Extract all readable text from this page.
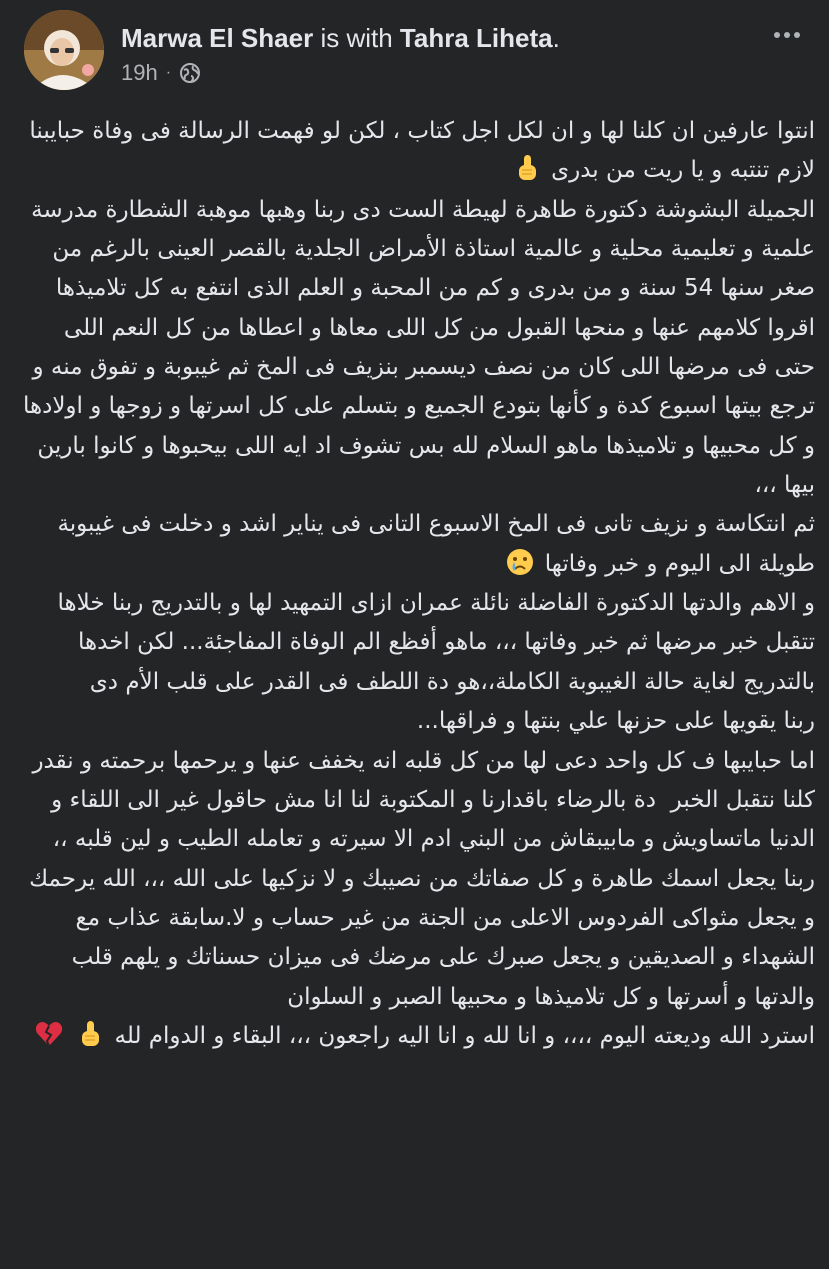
Marwa El Shaer is with Tahra Liheta.
19h ·

انتوا عارفين ان كلنا لها و ان لكل اجل كتاب ، لكن لو فهمت الرسالة فى وفاة حبايبنا لازم تنتبه و يا ريت من بدرى

الجميلة البشوشة دكتورة طاهرة لهيطة الست دى ربنا وهبها موهبة الشطارة مدرسة علمية و تعليمية محلية و عالمية استاذة الأمراض الجلدية بالقصر العينى بالرغم من صغر سنها 54 سنة و من بدرى و كم من المحبة و العلم الذى انتفع به كل تلاميذها اقروا كلامهم عنها و منحها القبول من كل اللى معاها و اعطاها من كل النعم اللى حتى فى مرضها اللى كان من نصف ديسمبر بنزيف فى المخ ثم غيبوبة و تفوق منه و ترجع بيتها اسبوع كدة و كأنها بتودع الجميع و بتسلم على كل اسرتها و زوجها و اولادها و كل محبيها و تلاميذها ماهو السلام لله بس تشوف اد ايه اللى بيحبوها و كانوا بارين بيها ،،،

ثم انتكاسة و نزيف تانى فى المخ الاسبوع التانى فى يناير اشد و دخلت فى غيبوبة طويلة الى اليوم و خبر وفاتها

و الاهم والدتها الدكتورة الفاضلة نائلة عمران ازاى التمهيد لها و بالتدريج ربنا خلاها تتقبل خبر مرضها ثم خبر وفاتها ،،، ماهو أفظع الم الوفاة المفاجئة... لكن اخدها بالتدريج لغاية حالة الغيبوبة الكاملة،،هو دة اللطف فى القدر على قلب الأم دى

ربنا يقويها على حزنها علي بنتها و فراقها...

اما حبايبها ف كل واحد دعى لها من كل قلبه انه يخفف عنها و يرحمها برحمته و نقدر كلنا نتقبل الخبر  دة بالرضاء باقدارنا و المكتوبة لنا انا مش حاقول غير الى اللقاء و الدنيا ماتساويش و مابيبقاش من البني ادم الا سيرته و تعامله الطيب و لين قلبه ،، ربنا يجعل اسمك طاهرة و كل صفاتك من نصيبك و لا نزكيها على الله ،،، الله يرحمك و يجعل مثواكى الفردوس الاعلى من الجنة من غير حساب و لا.سابقة عذاب مع الشهداء و الصديقين و يجعل صبرك على مرضك فى ميزان حسناتك و يلهم قلب والدتها و أسرتها و كل تلاميذها و محبيها الصبر و السلوان

استرد الله وديعته اليوم ،،،، و انا لله و انا اليه راجعون ،،، البقاء و الدوام لله
